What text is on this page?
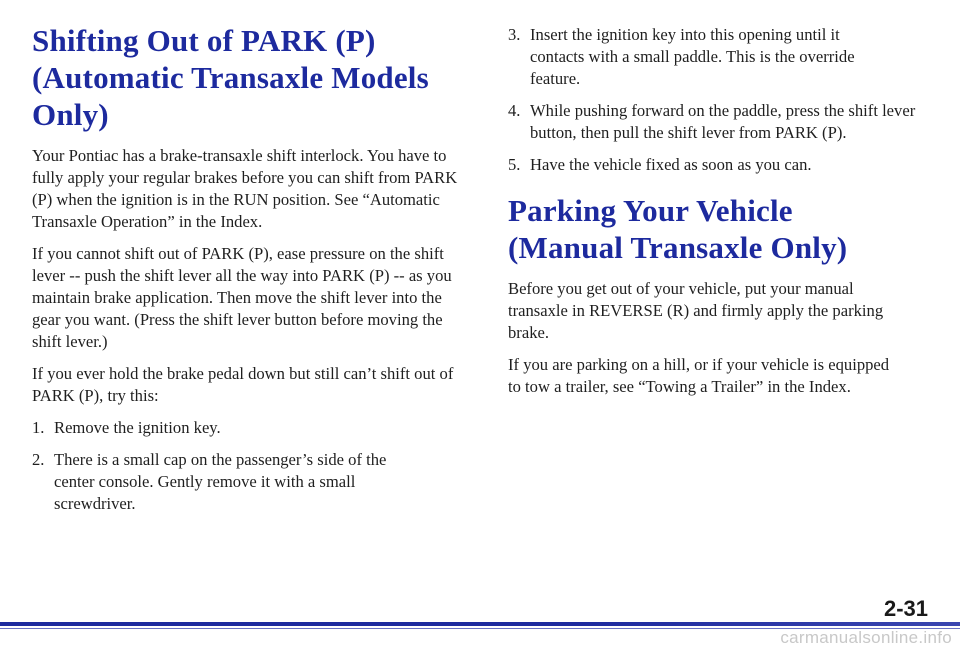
Shifting Out of PARK (P)
(Automatic Transaxle Models Only)

Your Pontiac has a brake-transaxle shift interlock. You have to fully apply your regular brakes before you can shift from PARK (P) when the ignition is in the RUN position. See “Automatic Transaxle Operation” in the Index.

If you cannot shift out of PARK (P), ease pressure on the shift lever -- push the shift lever all the way into PARK (P) -- as you maintain brake application. Then move the shift lever into the gear you want. (Press the shift lever button before moving the shift lever.)

If you ever hold the brake pedal down but still can’t shift out of PARK (P), try this:

1. Remove the ignition key.
2. There is a small cap on the passenger’s side of the center console. Gently remove it with a small screwdriver.
3. Insert the ignition key into this opening until it contacts with a small paddle. This is the override feature.
4. While pushing forward on the paddle, press the shift lever button, then pull the shift lever from PARK (P).
5. Have the vehicle fixed as soon as you can.
Parking Your Vehicle
(Manual Transaxle Only)

Before you get out of your vehicle, put your manual transaxle in REVERSE (R) and firmly apply the parking brake.

If you are parking on a hill, or if your vehicle is equipped to tow a trailer, see “Towing a Trailer” in the Index.

2-31
carmanualsonline.info
